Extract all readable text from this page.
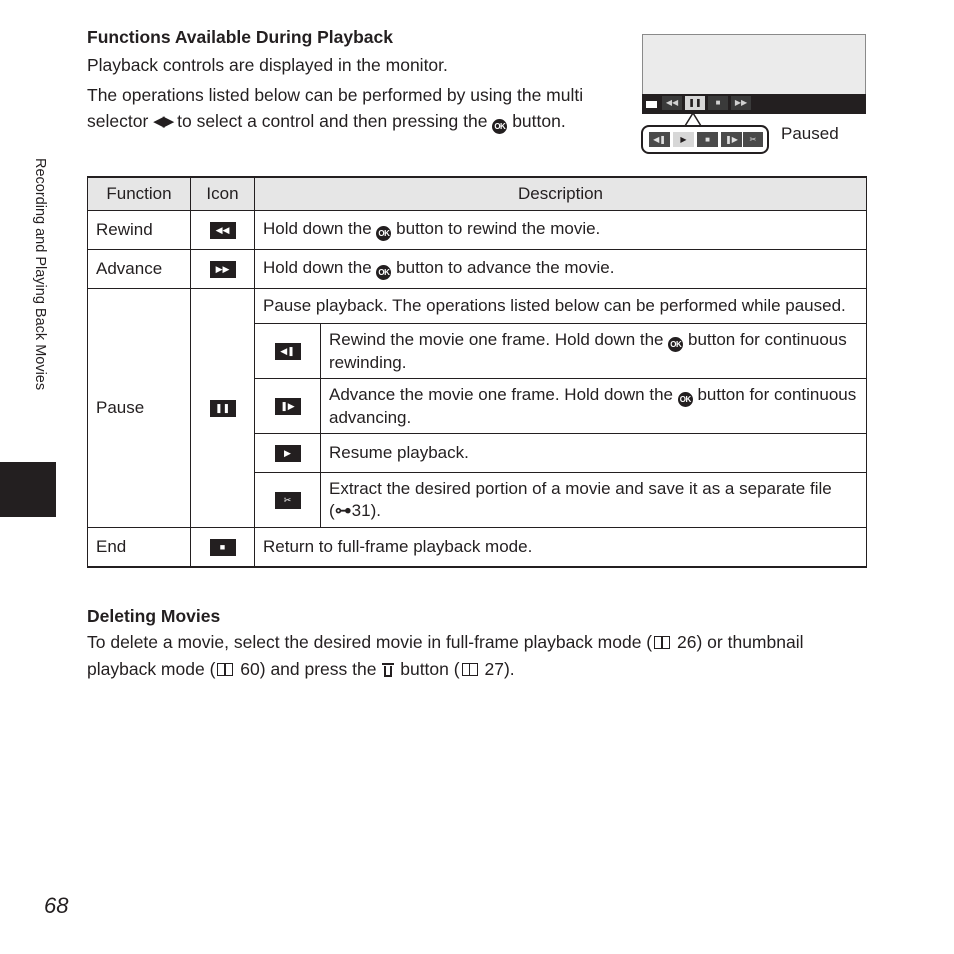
Recording and Playing Back Movies
Functions Available During Playback
Playback controls are displayed in the monitor.
The operations listed below can be performed by using the multi selector ◀▶ to select a control and then pressing the OK button.
◀◀	❚❚	■	▶▶
◀❚	▶	■	❚▶	✂	Paused
Function	Icon	Description	
Rewind	◀◀	Hold down the OK button to rewind the movie.	
Advance	▶▶	Hold down the OK button to advance the movie.	
Pause	❚❚	Pause playback. The operations listed below can be performed while paused.	
		◀❚	Rewind the movie one frame. Hold down the OK button for continuous rewinding.
		❚▶	Advance the movie one frame. Hold down the OK button for continuous advancing.
		▶	Resume playback.
		✂	Extract the desired portion of a movie and save it as a separate file (⊶31).
End	■	Return to full-frame playback mode.	
Deleting Movies
To delete a movie, select the desired movie in full-frame playback mode ( 26) or thumbnail playback mode ( 60) and press the button ( 27).
68
